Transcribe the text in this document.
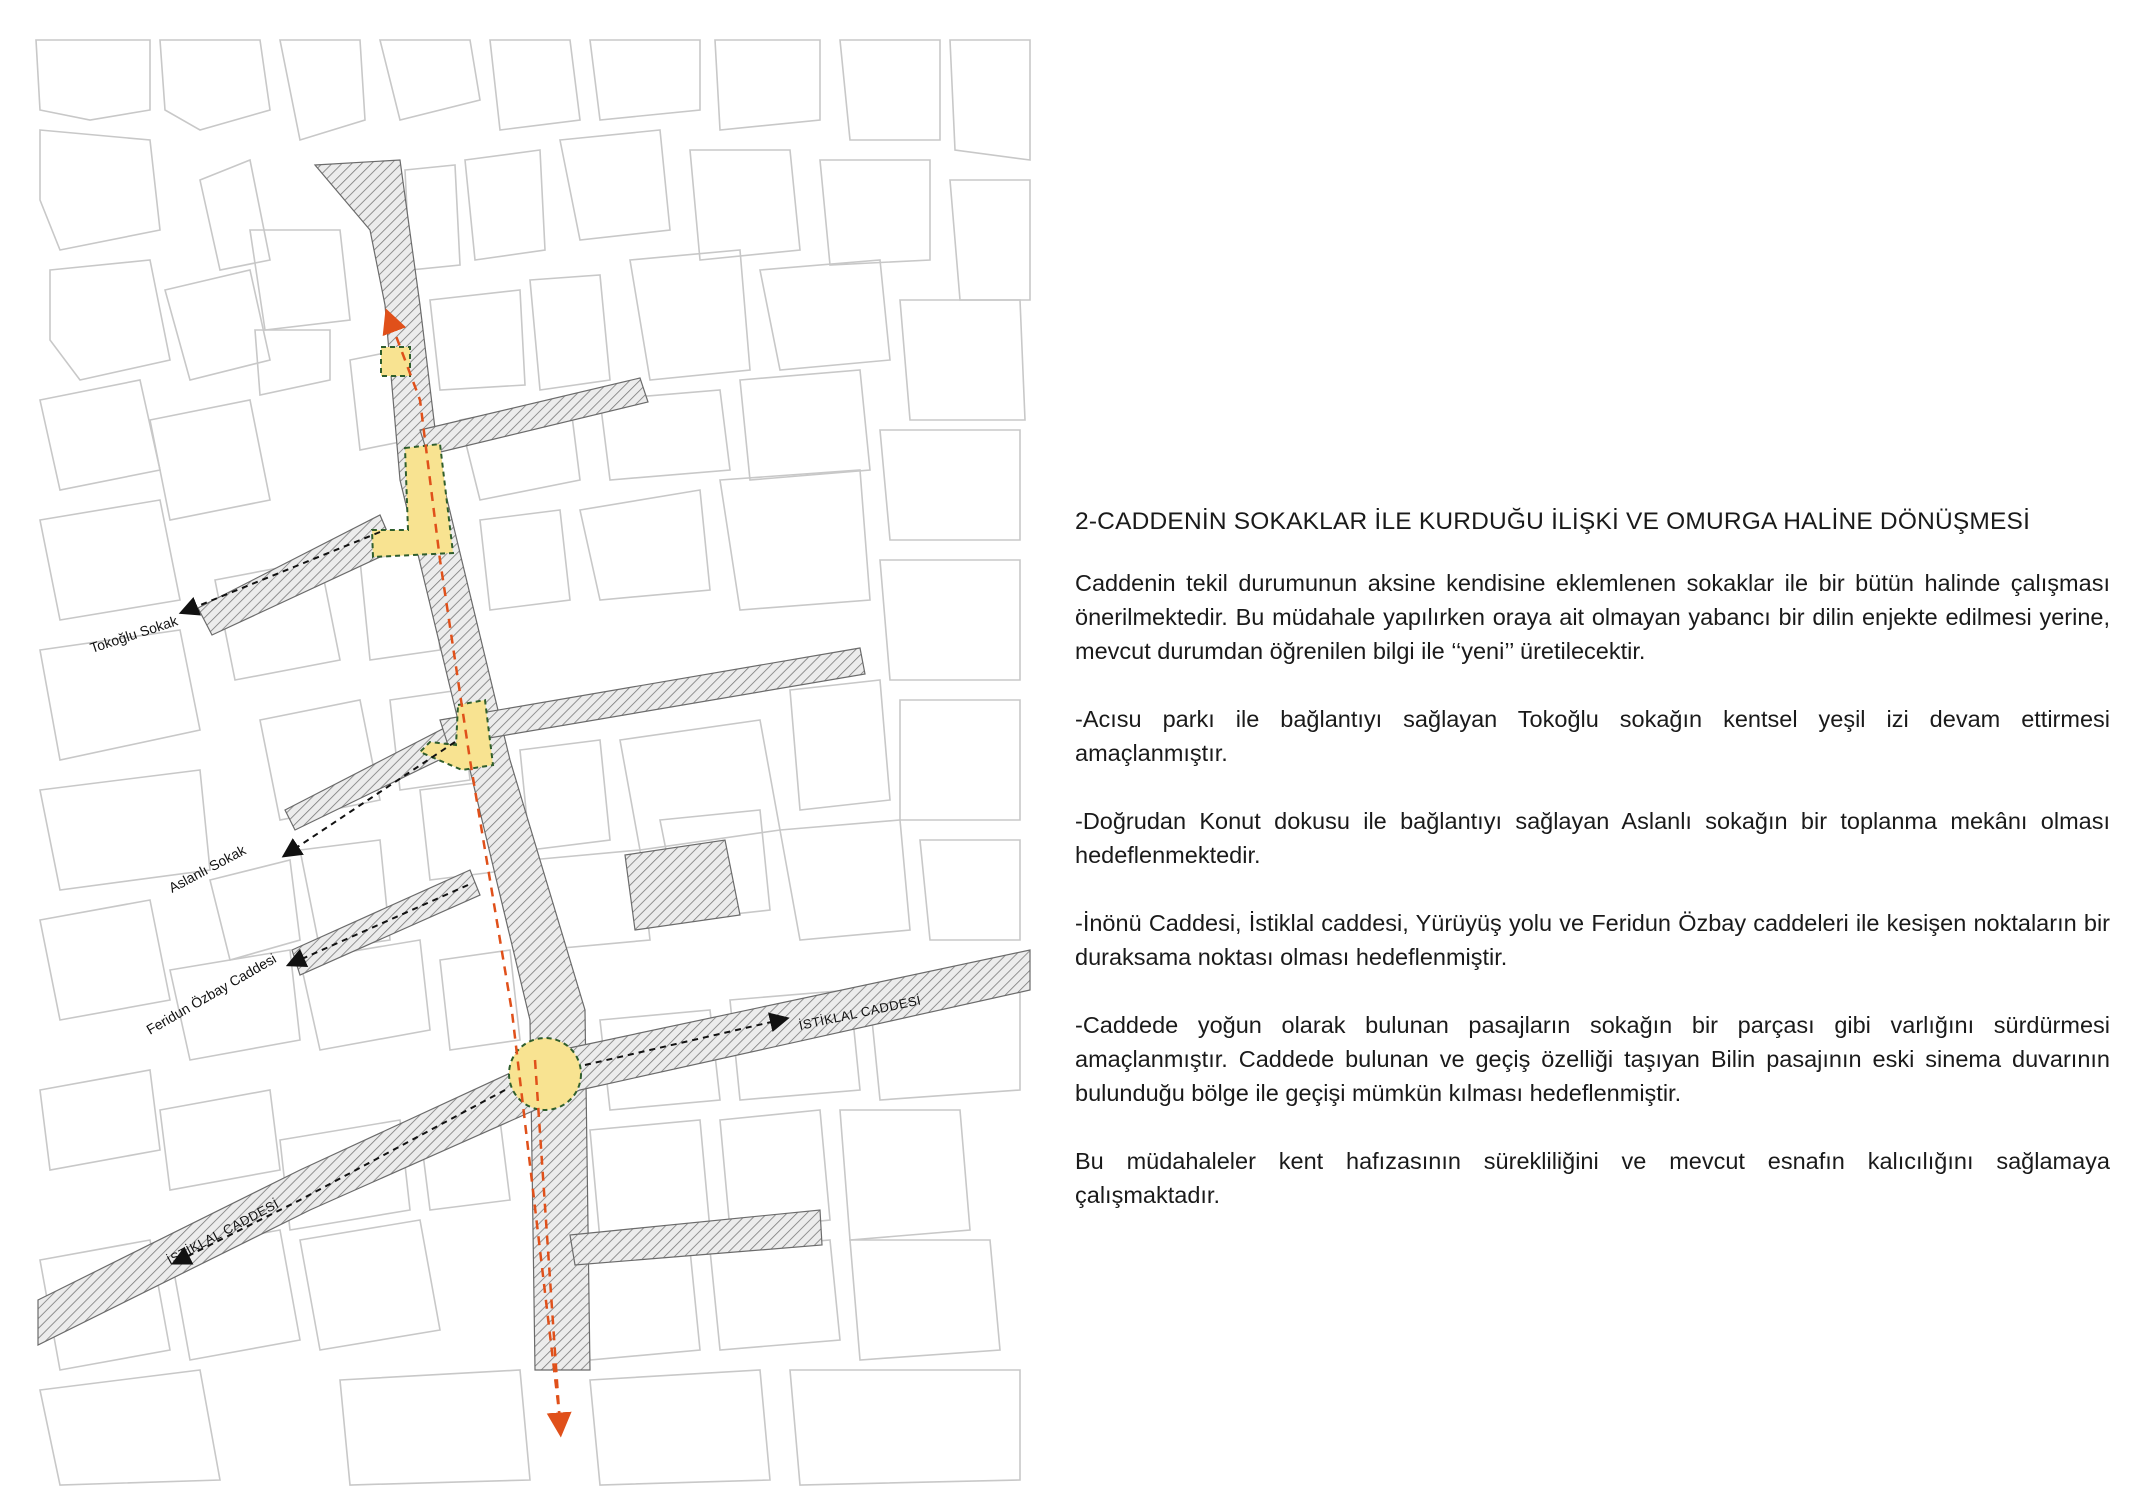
Tokoğlu Sokak
Aslanlı Sokak
Feridun Özbay Caddesi	İSTİKLAL CADDESİ
İSTİKLAL CADDESİ
2-CADDENİN SOKAKLAR İLE KURDUĞU İLİŞKİ VE OMURGA HALİNE DÖNÜŞMESİ

Caddenin tekil durumunun aksine kendisine eklemlenen sokaklar ile bir bütün halinde çalışması önerilmektedir. Bu müdahale yapılırken oraya ait olmayan yabancı bir dilin enjekte edilmesi yerine, mevcut durumdan öğrenilen bilgi ile ‘‘yeni’’ üretilecektir.

-Acısu parkı ile bağlantıyı sağlayan Tokoğlu sokağın kentsel yeşil izi devam ettirmesi amaçlanmıştır.

-Doğrudan Konut dokusu ile bağlantıyı sağlayan Aslanlı sokağın bir toplanma mekânı olması hedeflenmektedir.

-İnönü Caddesi, İstiklal caddesi, Yürüyüş yolu ve Feridun Özbay caddeleri ile kesişen noktaların bir duraksama noktası olması hedeflenmiştir.

-Caddede yoğun olarak bulunan pasajların sokağın bir parçası gibi varlığını sürdürmesi amaçlanmıştır. Caddede bulunan ve geçiş özelliği taşıyan Bilin pasajının eski sinema duvarının bulunduğu bölge ile geçişi mümkün kılması hedeflenmiştir.

Bu müdahaleler kent hafızasının sürekliliğini ve mevcut esnafın kalıcılığını sağlamaya çalışmaktadır.
